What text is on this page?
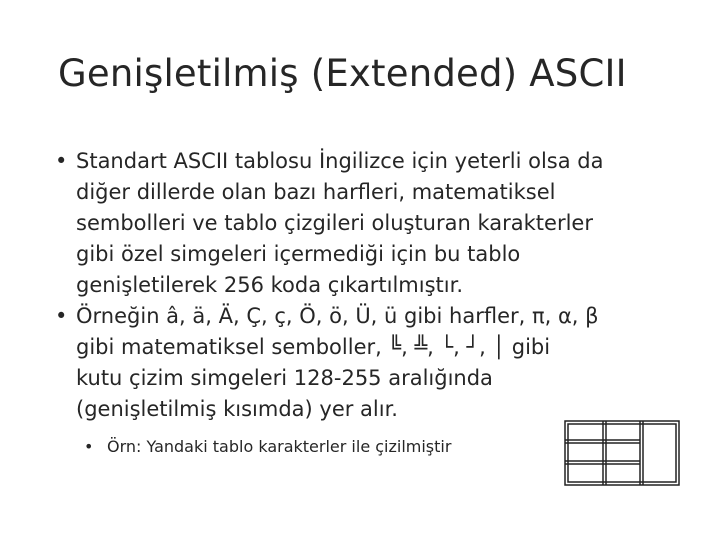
Genişletilmiş (Extended) ASCII
• Standart ASCII tablosu İngilizce için yeterli olsa da
diğer dillerde olan bazı harfleri, matematiksel
sembolleri ve tablo çizgileri oluşturan karakterler
gibi özel simgeleri içermediği için bu tablo
genişletilerek 256 koda çıkartılmıştır.
• Örneğin â, ä, Ä, Ç, ç, Ö, ö, Ü, ü gibi harfler, π, α, β
gibi matematiksel semboller, ╚, ╩, └, ┘, │ gibi
kutu çizim simgeleri 128-255 aralığında
(genişletilmiş kısımda) yer alır.
• Örn: Yandaki tablo karakterler ile çizilmiştir
